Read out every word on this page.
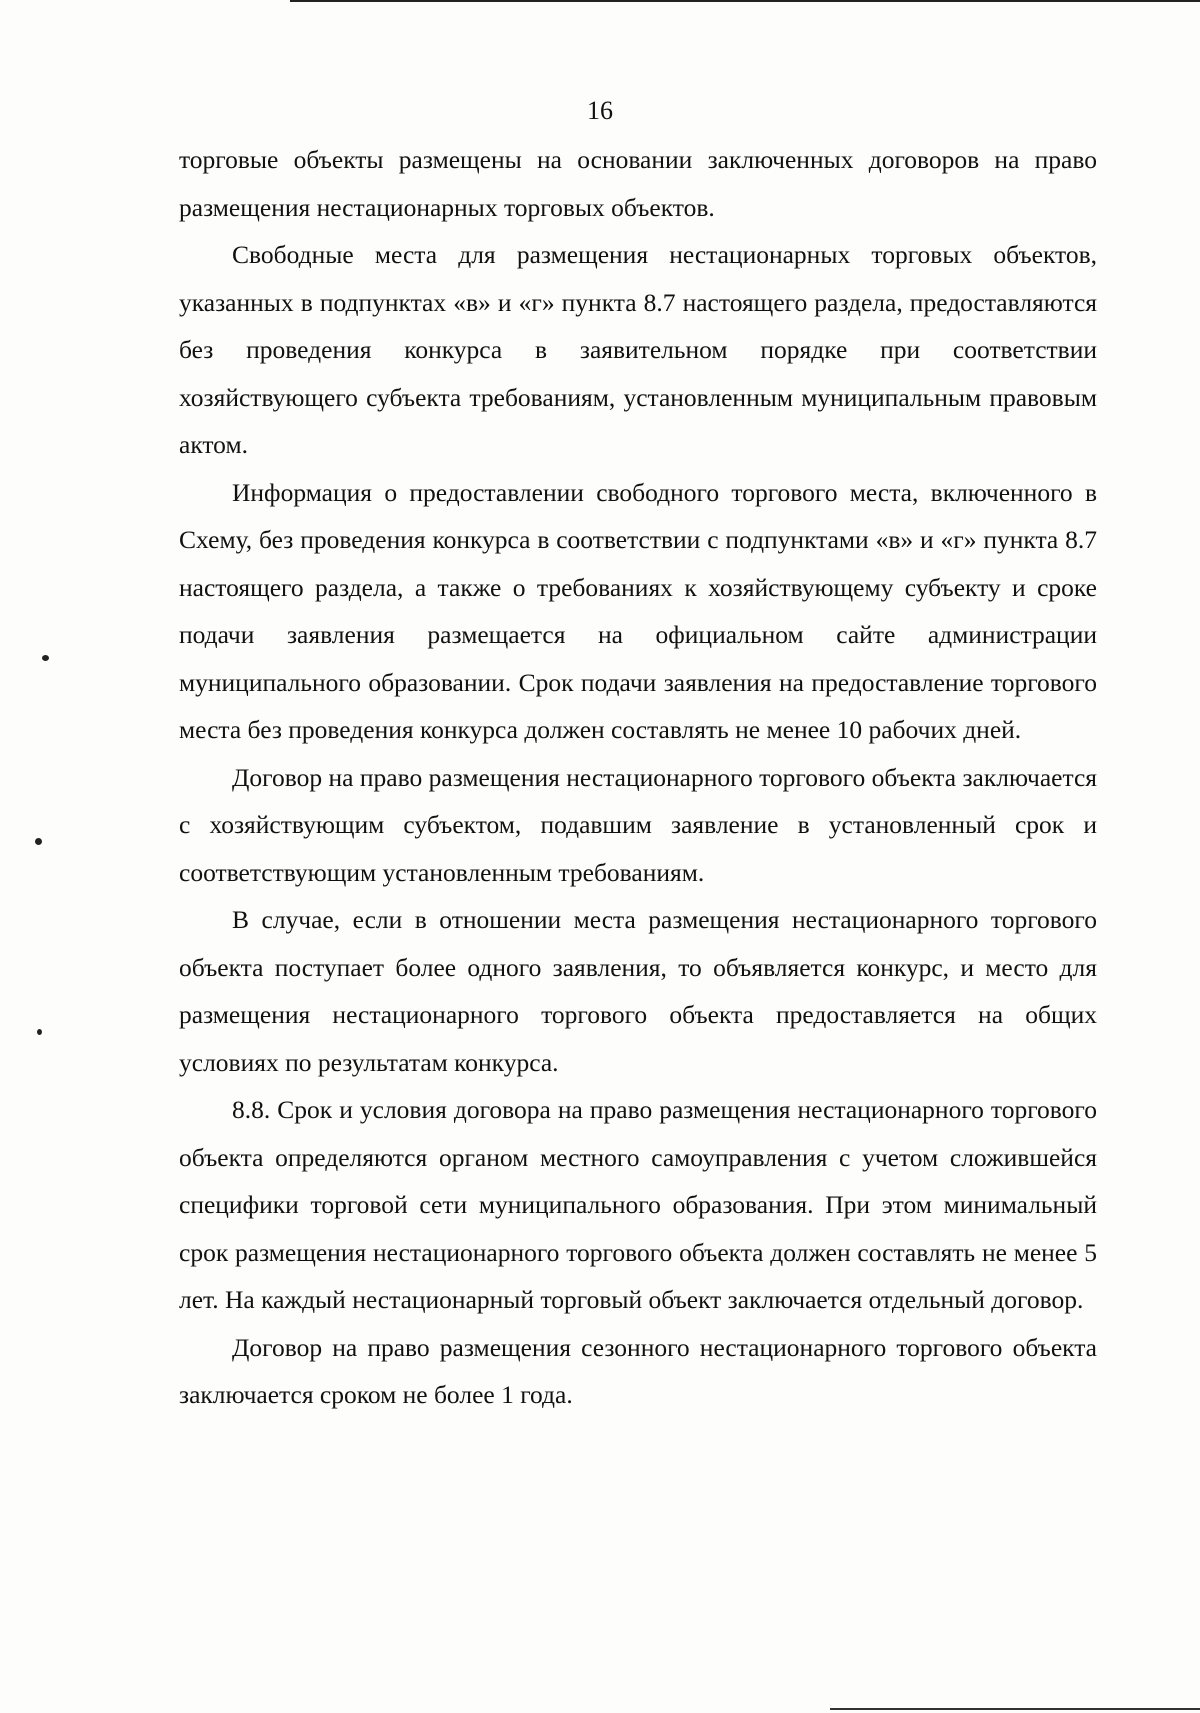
16

торговые объекты размещены на основании заключенных договоров на право размещения нестационарных торговых объектов.

Свободные места для размещения нестационарных торговых объектов, указанных в подпунктах «в» и «г» пункта 8.7 настоящего раздела, предоставляются без проведения конкурса в заявительном порядке при соответствии хозяйствующего субъекта требованиям, установленным муниципальным правовым актом.

Информация о предоставлении свободного торгового места, включенного в Схему, без проведения конкурса в соответствии с подпунктами «в» и «г» пункта 8.7 настоящего раздела, а также о требованиях к хозяйствующему субъекту и сроке подачи заявления размещается на официальном сайте администрации муниципального образовании. Срок подачи заявления на предоставление торгового места без проведения конкурса должен составлять не менее 10 рабочих дней.

Договор на право размещения нестационарного торгового объекта заключается с хозяйствующим субъектом, подавшим заявление в установленный срок и соответствующим установленным требованиям.

В случае, если в отношении места размещения нестационарного торгового объекта поступает более одного заявления, то объявляется конкурс, и место для размещения нестационарного торгового объекта предоставляется на общих условиях по результатам конкурса.

8.8. Срок и условия договора на право размещения нестационарного торгового объекта определяются органом местного самоуправления с учетом сложившейся специфики торговой сети муниципального образования. При этом минимальный срок размещения нестационарного торгового объекта должен составлять не менее 5 лет. На каждый нестационарный торговый объект заключается отдельный договор.

Договор на право размещения сезонного нестационарного торгового объекта заключается сроком не более 1 года.
